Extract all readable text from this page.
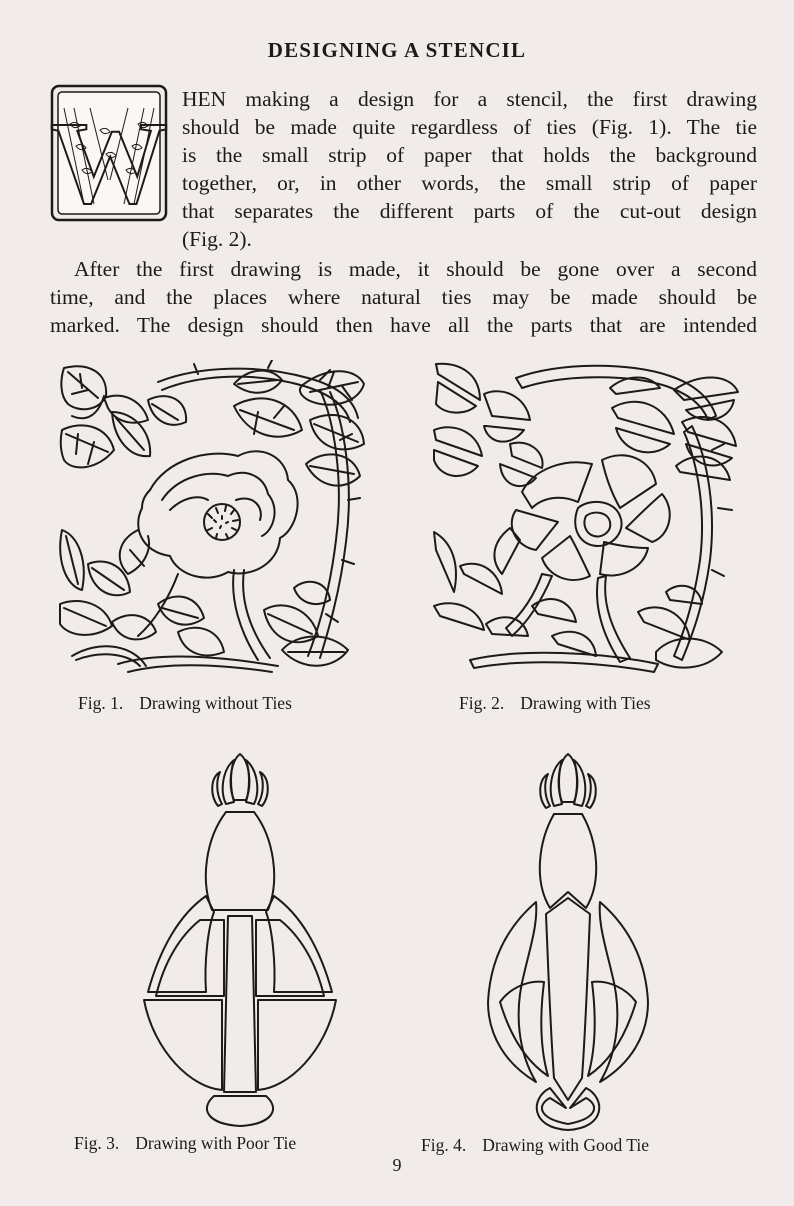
DESIGNING A STENCIL
W HEN making a design for a stencil, the first drawing
should be made quite regardless of ties (Fig. 1). The tie
is the small strip of paper that holds the background
together, or, in other words, the small strip of paper
that separates the different parts of the cut-out design
(Fig. 2).
After the first drawing is made, it should be gone over a second
time, and the places where natural ties may be made should be
marked. The design should then have all the parts that are intended
Fig. 1. Drawing without Ties	Fig. 2. Drawing with Ties
Fig. 3. Drawing with Poor Tie	Fig. 4. Drawing with Good Tie
9
